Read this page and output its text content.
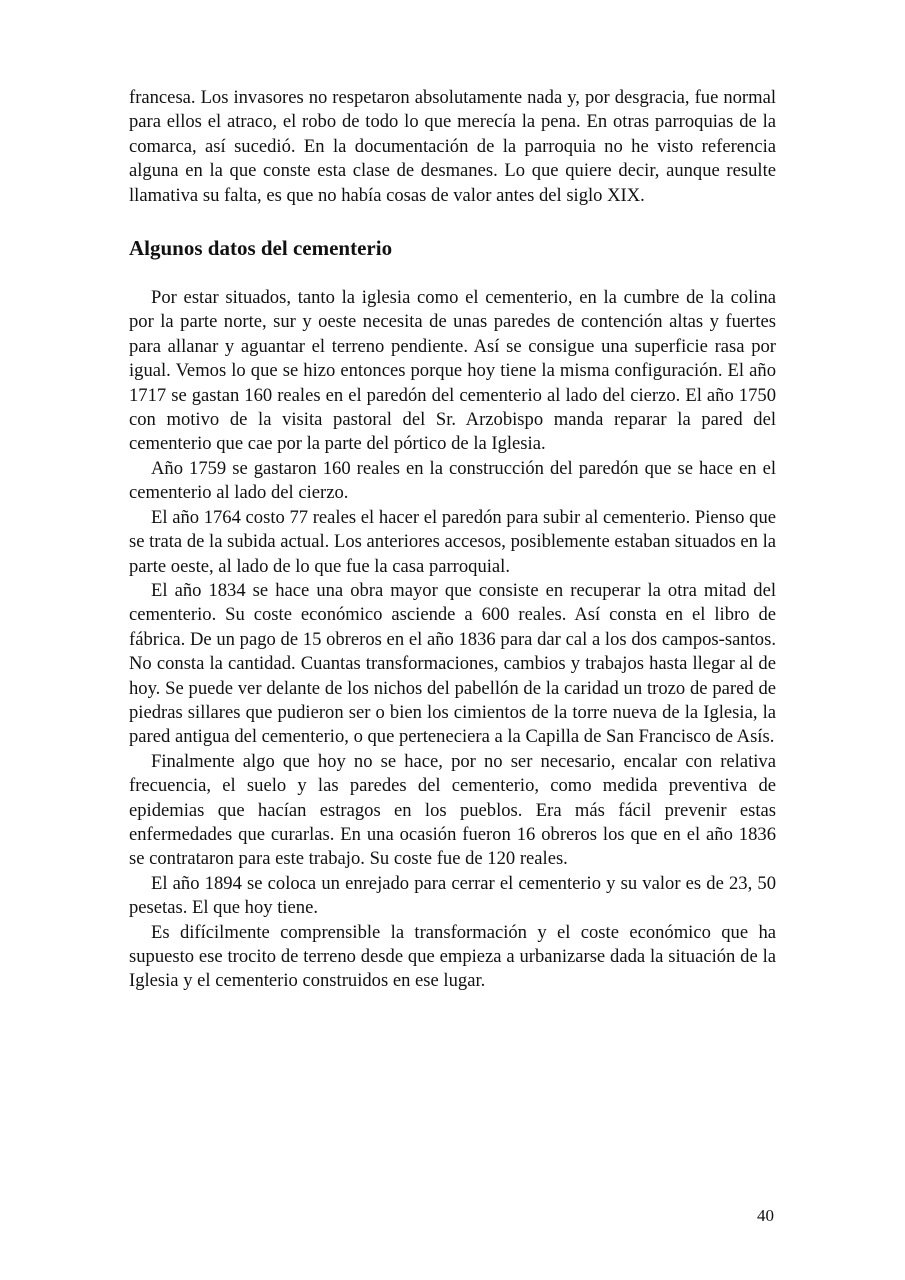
francesa. Los invasores no respetaron absolutamente nada y, por desgracia, fue normal para ellos el atraco, el robo de todo lo que merecía la pena. En otras parroquias de la comarca, así sucedió. En la documentación de la parroquia no he visto referencia alguna en la que conste esta clase de desmanes. Lo que quiere decir, aunque resulte llamativa su falta, es que no había cosas de valor antes del siglo XIX.

Algunos datos del cementerio

Por estar situados, tanto la iglesia como el cementerio, en la cumbre de la colina por la parte norte, sur y oeste necesita de unas paredes de contención altas y fuertes para allanar y aguantar el terreno pendiente. Así se consigue una superficie rasa por igual. Vemos lo que se hizo entonces porque hoy tiene la misma configuración. El año 1717 se gastan 160 reales en el paredón del cementerio al lado del cierzo. El año 1750 con motivo de la visita pastoral del Sr. Arzobispo manda reparar la pared del cementerio que cae por la parte del pórtico de la Iglesia.

Año 1759 se gastaron 160 reales en la construcción del paredón que se hace en el cementerio al lado del cierzo.

El año 1764 costo 77 reales el hacer el paredón para subir al cementerio. Pienso que se trata de la subida actual. Los anteriores accesos, posiblemente estaban situados en la parte oeste, al lado de lo que fue la casa parroquial.

El año 1834 se hace una obra mayor que consiste en recuperar la otra mitad del cementerio. Su coste económico asciende a 600 reales. Así consta en el libro de fábrica. De un pago de 15 obreros en el año 1836 para dar cal a los dos campos-santos. No consta la cantidad. Cuantas transformaciones, cambios y trabajos hasta llegar al de hoy. Se puede ver delante de los nichos del pabellón de la caridad un trozo de pared de piedras sillares que pudieron ser o bien los cimientos de la torre nueva de la Iglesia, la pared antigua del cementerio, o que perteneciera a la Capilla de San Francisco de Asís.

Finalmente algo que hoy no se hace, por no ser necesario, encalar con relativa frecuencia, el suelo y las paredes del cementerio, como medida preventiva de epidemias que hacían estragos en los pueblos. Era más fácil prevenir estas enfermedades que curarlas. En una ocasión fueron 16 obreros los que en el año 1836 se contrataron para este trabajo. Su coste fue de 120 reales.

El año 1894 se coloca un enrejado para cerrar el cementerio y su valor es de 23, 50 pesetas. El que hoy tiene.

Es difícilmente comprensible la transformación y el coste económico que ha supuesto ese trocito de terreno desde que empieza a urbanizarse dada la situación de la Iglesia y el cementerio construidos en ese lugar.

40
